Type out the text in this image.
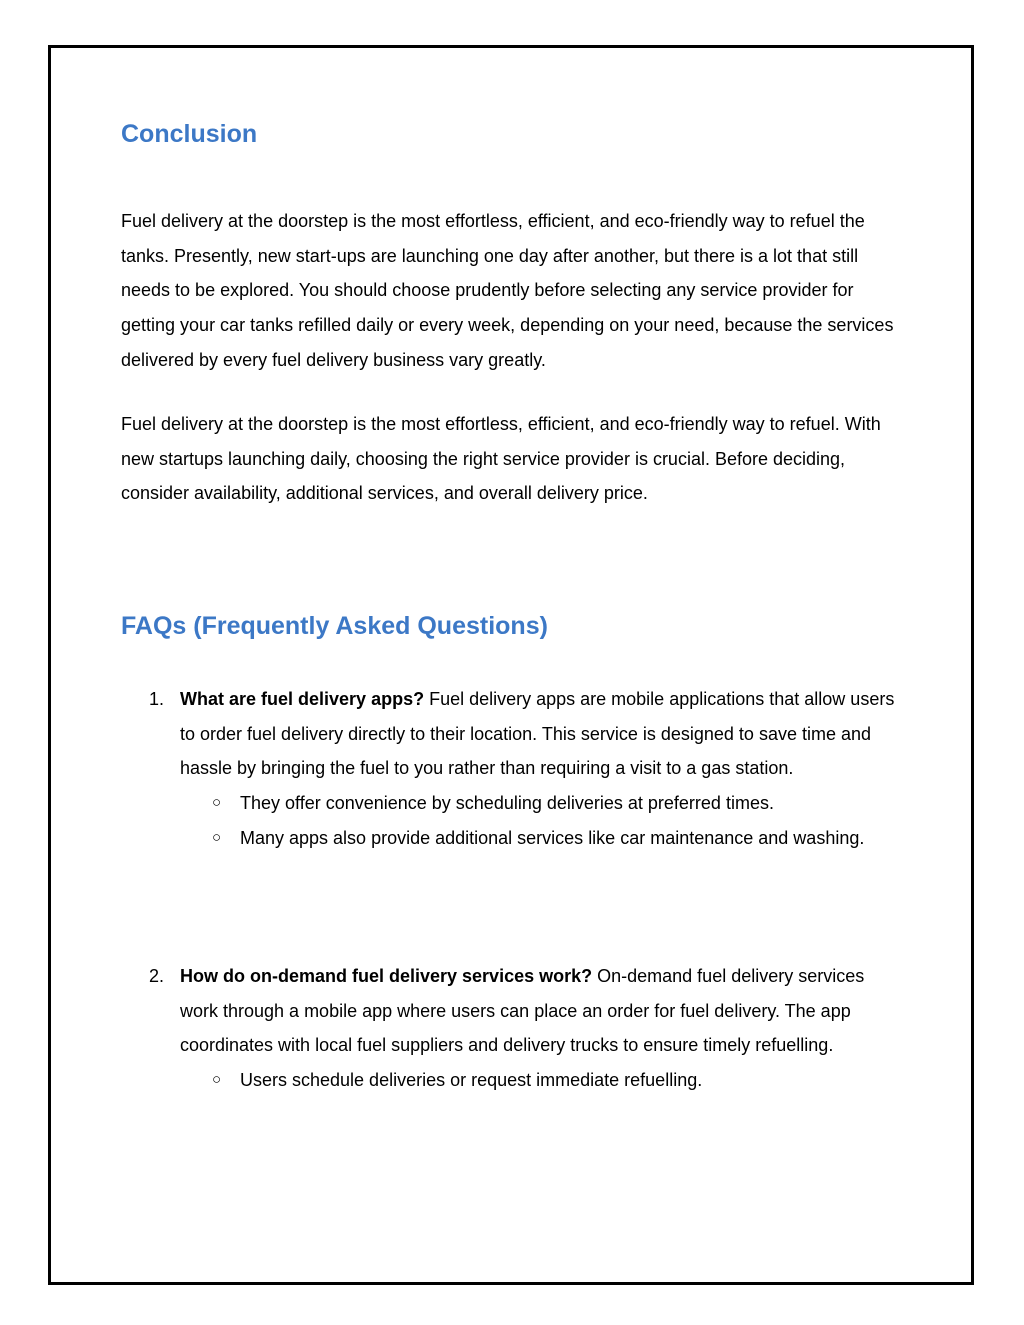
Conclusion

Fuel delivery at the doorstep is the most effortless, efficient, and eco-friendly way to refuel the tanks. Presently, new start-ups are launching one day after another, but there is a lot that still needs to be explored. You should choose prudently before selecting any service provider for getting your car tanks refilled daily or every week, depending on your need, because the services delivered by every fuel delivery business vary greatly.

Fuel delivery at the doorstep is the most effortless, efficient, and eco-friendly way to refuel. With new startups launching daily, choosing the right service provider is crucial. Before deciding, consider availability, additional services, and overall delivery price.

FAQs (Frequently Asked Questions)
1. What are fuel delivery apps? Fuel delivery apps are mobile applications that allow users to order fuel delivery directly to their location. This service is designed to save time and hassle by bringing the fuel to you rather than requiring a visit to a gas station.
○ They offer convenience by scheduling deliveries at preferred times.
○ Many apps also provide additional services like car maintenance and washing.
2. How do on-demand fuel delivery services work? On-demand fuel delivery services work through a mobile app where users can place an order for fuel delivery. The app coordinates with local fuel suppliers and delivery trucks to ensure timely refuelling.
○ Users schedule deliveries or request immediate refuelling.
